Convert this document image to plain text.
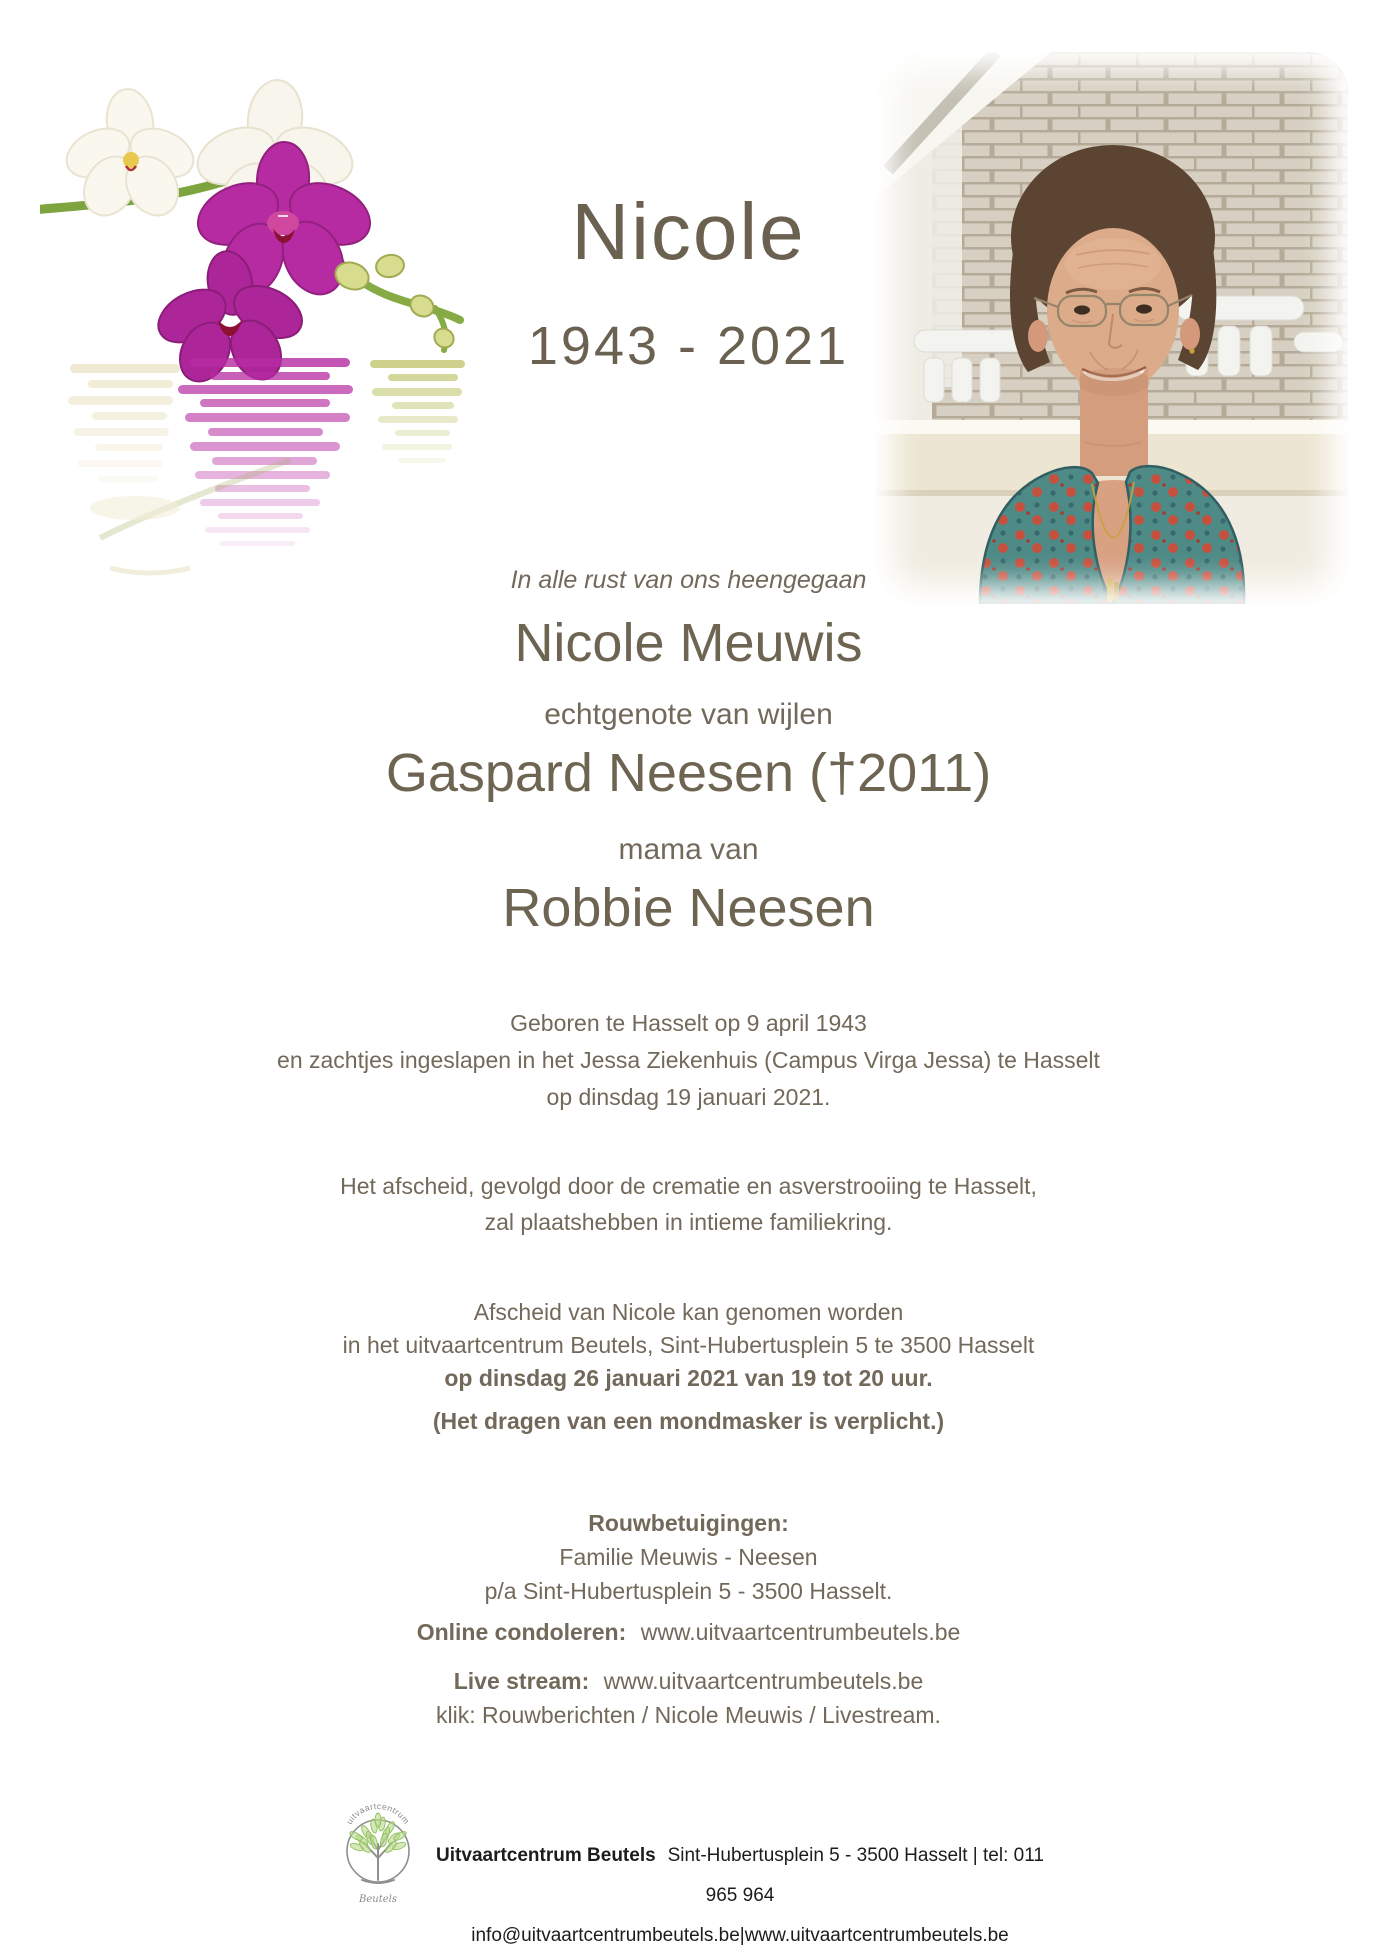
Nicole
1943 - 2021
In alle rust van ons heengegaan
Nicole Meuwis
echtgenote van wijlen
Gaspard Neesen (†2011)
mama van
Robbie Neesen
Geboren te Hasselt op 9 april 1943
en zachtjes ingeslapen in het Jessa Ziekenhuis (Campus Virga Jessa) te Hasselt
op dinsdag 19 januari 2021.
Het afscheid, gevolgd door de crematie en asverstrooiing te Hasselt,
zal plaatshebben in intieme familiekring.
Afscheid van Nicole kan genomen worden
in het uitvaartcentrum Beutels, Sint-Hubertusplein 5 te 3500 Hasselt
op dinsdag 26 januari 2021 van 19 tot 20 uur.
(Het dragen van een mondmasker is verplicht.)
Rouwbetuigingen:
Familie Meuwis - Neesen
p/a Sint-Hubertusplein 5 - 3500 Hasselt.
Online condoleren: www.uitvaartcentrumbeutels.be
Live stream: www.uitvaartcentrumbeutels.be
klik: Rouwberichten / Nicole Meuwis / Livestream.
uitvaartcentrum
Beutels
Uitvaartcentrum Beutels Sint-Hubertusplein 5 - 3500 Hasselt | tel: 011 965 964
info@uitvaartcentrumbeutels.be|www.uitvaartcentrumbeutels.be
